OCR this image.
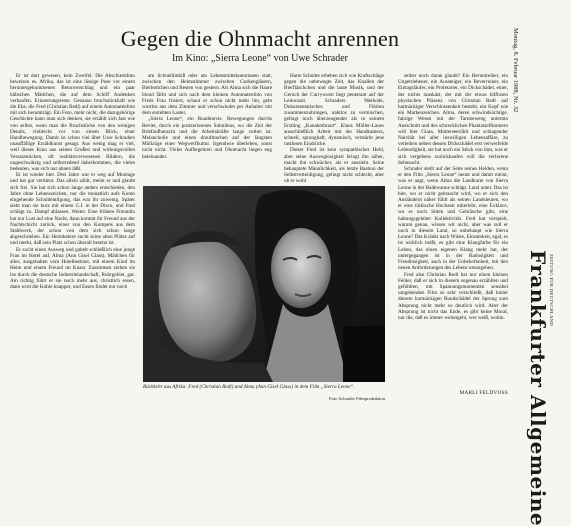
Gegen die Ohnmacht anrennen
Im Kino: „Sierra Leone“ von Uwe Schrader

Er ist dort gewesen, kein Zweifel. Die Abschiedsfoto beweisen es. Afrika, das ist eine lässige Pose vor einem heruntergekommenen Betonverschlag und ein paar hübschen Mädchen, die auf dem Schiff Andenken verkaufen. Erinnerungsreste. Genauso bruchstückhaft wie die Ehe, die Fred (Christian Redl) auf einem Automatenfoto mit sich herumträgt. Ein Foto, mehr nicht, die dazugehörige Geschichte kann man sich denken, sie erzählt sich fast wie von selbst, wenn man die Bruchstücke von den wenigen Details, vielleicht vor von einem Blick, einer Handbewegung. Damit ist schon viel über Uwe Schraders unauffällige Erzählkunst gesagt. Aus wenig mag er viel, weil dieses Kino aus seinen Großen und wirkungsvollen Versatzstücken, oft realitätsverwesenen Bildern, die ungeschwätzig und selbstredend daherkommen, die vieles bedeuten, was sich nur ahnen läßt.

Er ist wieder hier. Drei Jahre war er weg auf Montage und hat gut verdient. Das allein zählt, meint er und glaubt sich frei. Sie hat sich schon lange anders entschieden, den Jahre ohne Lebenszeichen, nur die monatlich aufs Konto eingehende Schuldentilgung, das war ihr zuwenig. Später sieht man sie kurz mit einem G.I. in der Disco, und Fred schlägt zu. Dampf ablassen. Weiter. Eine frühere Freundin hat nur Lust auf eine Nacht, dann kommt ihr Freund aus der Nachtschicht zurück, einer von den Kumpels aus dem Stahlwerk, der schon von dem sich schon lange abgeschrieben. Ein Heimkehrer sucht seine alten Plätze auf und merkt, daß sein Platz schon überall besetzt ist.

Er sucht einen Ausweg und gabelt schließlich eine junge Frau im Hotel auf, Alma (Ann Gisel Glass), Mädchen für alles, ausgehalten vom Hotelbesitzer, mit einem Kind im Heim und einem Freund im Knast. Zusammen ziehen sie los durch die deutsche Industrielandschaft, Ruhrgebiet, gar. Am richtig führt er sie noch mehr aus, christlich essen, dann wird die Kohle knapper, und Essen findet nur noch

am Schnellimbiß oder am Lebensmittelautomaten statt, zwischen den Heimstimmer zwischen Gurkengläsern, Bierbottchen und Besten von gestern. Als Alma sich die Haare blond färbt und sich nach dem kleinen Automatenfoto von Freds Frau frisiert, schaut er schon nicht mehr hin, geht wortlos aus dem Zimmer und verschwindet per Anhalter mit dem erstebten Laster.

„Sierra Leone“, ein Roadmovie. Bewegungen durchs Revier, durch ein postzerissenes Subnileus, wo die Zeit der Briefaufbauscht und die Arbeitskräfte lange vorbei ist. Melancholie und einen draufmachen auf der längsten Müllzüge einer Wegwerfkultur. Irgendwie überleben, sonst nicht nicht. Vieles Aufbegehren und Ohnmacht liegen eng beieinander.

Harte Schnitte erheben sich wie Kraftschläge gegen die unbewegte Zeit, das Knallen der Bierfläschchen und die laute Musik, und der Geruch der Currywurst liegt penetrant auf der Leinwand. Schraders Methode, Dokumentarisches und Fiktion zusammenzubringen, nahtlos zu vermischen, gelingt noch überzeugender als in seinem Erstling „Kanakerbraut“. Klaus Müller-Laues ausschließlich Arbeit mit der Handkamera, schnell, sprunghaft, dynamisch, verstärkt jene rastlosen Eindrücke.

Dieser Fred ist kein sympathischer Held, aber seine Ausweglosigkeit bringt ihn näher, macht ihn schwächer, als er aussieht. Seine behauptete Männlichkeit, als letzte Bastion der Selbstverteidigung, gelingt nicht schlecht, aber ob er wohl

selber noch daran glaubt? Ein Heruntreiber, ein Ungetriebener, ein Aussteiger, ein Beverruiner, ein Eintagsläufer, ein Proletarier, ein Dickschädel, einer, der nichts rauskäst, der mit der etwas hilflosen physischen Präsenz von Christian Redl auf hartnäckiger Verschlossenheit besteht, ein Kopf wie ein Markenzeichen. Alma, deren schwindsüchtige, fahrige Wesen mit der Tarnbeweng untermn Ausschnitt und des schrecklichen Phantasieflimmern will hier Glass, Mutterseerühlt und schlagender Naivität bei aller inswilligen Lebensaffäre, zu verleihen neben dessen Dickschädel erst verwerfelde Lebendigkeit, sie hat noch ein Stück von ihm, was er sich vergebens zurückkaufen will die verlorene Sehnsucht.

Schrader stellt auf der Seite seines Helden, wenn er den Film „Sierra Leone“ nennt und damit meint, was er angt, wenn Alma die Landkarte von Sierra Leone in der Badewanne schlägt. Land unter. Das ist hier, wo er nicht gebraucht wird, wo er sich den Ausländern näher fühlt als seinen Landsleuten, wo er eine türkische Hochzeit miterlebt, eine Exklave, wo es noch Sitten und Gebräuche gibt, eine haltungsgeleiter Kollektivität. Fred hat verspielt, warum genau, wissen wir nicht, aber was soll er noch in diesem Land, so unbehaupt wie Sierra Leone? Das Kränkt nach Wüste, Einsamkeit, egal, es ist wirklich heißt, es gibt eine Klangfarbe für ein Leben, das einen eigenen Klang mehr hat, der untergegangen ist in der Ratlosigkeit und Freudlosigkeit, auch in der Unbehofenheit, mit den neuen Anforderungen des Lebens umzugehen.

Fred also Christian Redl hat nur einen kleinen Fehler, daß er sich in diesem sogenau erzählten und gefühlten, mit Spannungsmomenten sensibel umgehenden Film so sehr verschließt, daß hinter diesem hartnäckigen Rundschädel der Sprung zum Absprung nicht mehr so deutlich wird. Aber der Absprung ist nicht das Ende, es gibt keine Moral, nur die, daß es immer weitergeht, wer weiß, wohin.

Rückkehr aus Afrika: Fred (Christian Redl) und Alma (Ann Gisel Glass) in dem Film „Sierra Leone“.
Foto Schrader Filmproduktion
MARLI FELDVOSS
Montag, 8. Februar 1988, Nr. 32
Frankfurter Allgemeine ZEITUNG FÜR DEUTSCHLAND
